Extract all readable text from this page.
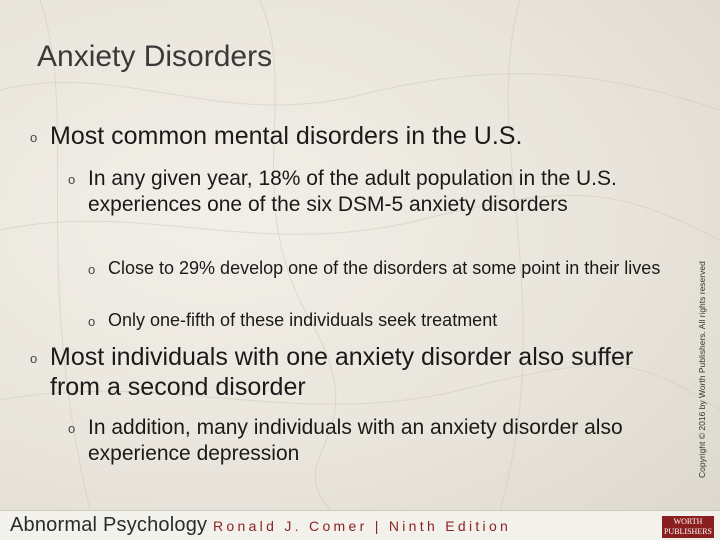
Anxiety Disorders
o Most common mental disorders in the U.S.
o In any given year, 18% of the adult population in the U.S. experiences one of the six DSM-5 anxiety disorders
o Close to 29% develop one of the disorders at some point in their lives
o Only one-fifth of these individuals seek treatment
o Most individuals with one anxiety disorder also suffer from a second disorder
o In addition, many individuals with an anxiety disorder also experience depression	Copyright © 2016 by Worth Publishers. All rights reserved
Abnormal Psychology Ronald J. Comer | Ninth Edition	WORTH PUBLISHERS
